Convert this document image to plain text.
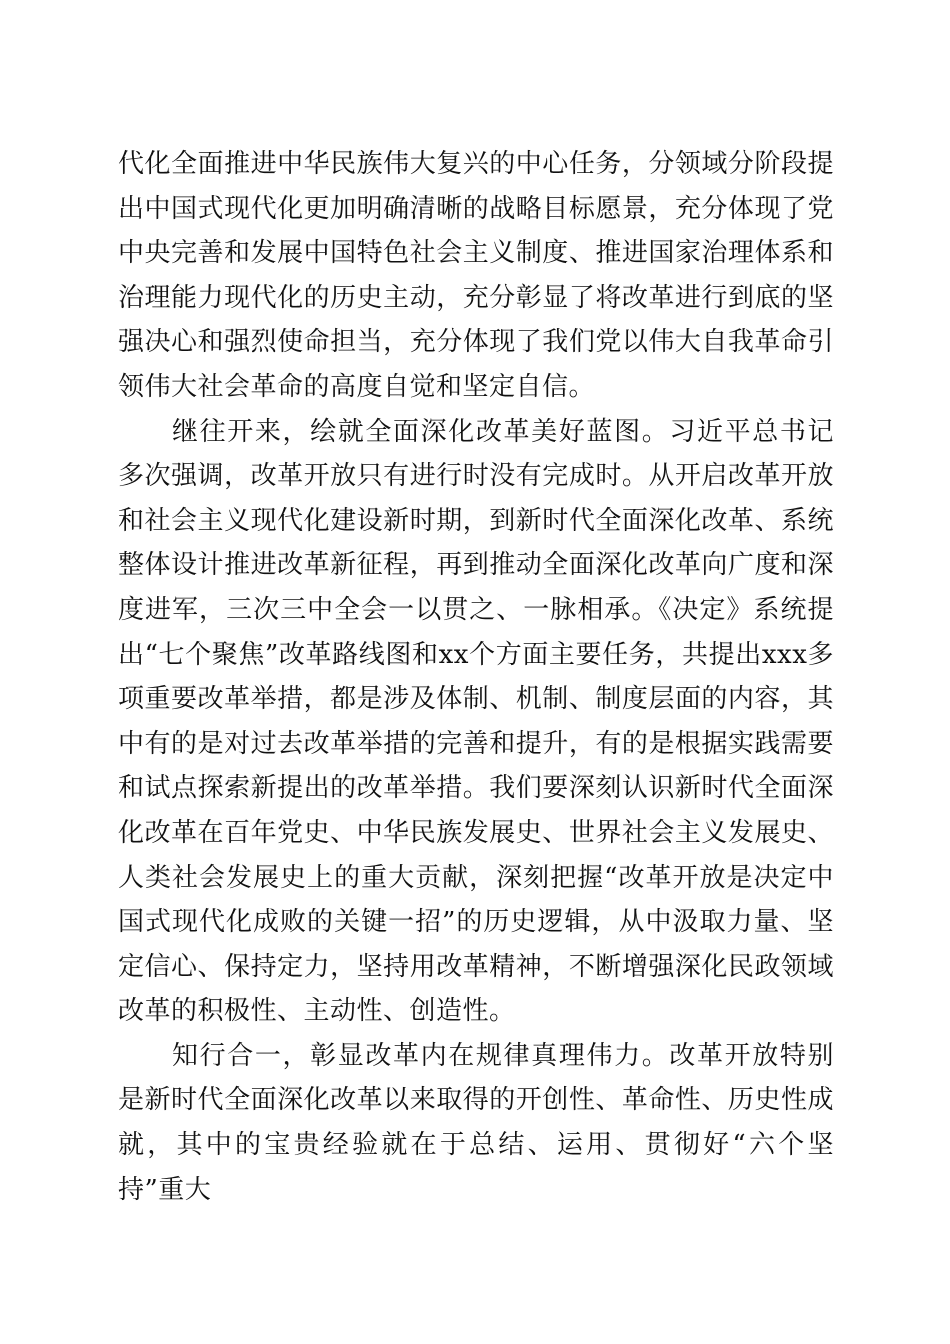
代化全面推进中华民族伟大复兴的中心任务，分领域分阶段提出中国式现代化更加明确清晰的战略目标愿景，充分体现了党中央完善和发展中国特色社会主义制度、推进国家治理体系和治理能力现代化的历史主动，充分彰显了将改革进行到底的坚强决心和强烈使命担当，充分体现了我们党以伟大自我革命引领伟大社会革命的高度自觉和坚定自信。

继往开来，绘就全面深化改革美好蓝图。习近平总书记多次强调，改革开放只有进行时没有完成时。从开启改革开放和社会主义现代化建设新时期，到新时代全面深化改革、系统整体设计推进改革新征程，再到推动全面深化改革向广度和深度进军，三次三中全会一以贯之、一脉相承。《决定》系统提出“七个聚焦”改革路线图和xx个方面主要任务，共提出xxx多项重要改革举措，都是涉及体制、机制、制度层面的内容，其中有的是对过去改革举措的完善和提升，有的是根据实践需要和试点探索新提出的改革举措。我们要深刻认识新时代全面深化改革在百年党史、中华民族发展史、世界社会主义发展史、人类社会发展史上的重大贡献，深刻把握“改革开放是决定中国式现代化成败的关键一招”的历史逻辑，从中汲取力量、坚定信心、保持定力，坚持用改革精神，不断增强深化民政领域改革的积极性、主动性、创造性。

知行合一，彰显改革内在规律真理伟力。改革开放特别是新时代全面深化改革以来取得的开创性、革命性、历史性成就，其中的宝贵经验就在于总结、运用、贯彻好“六个坚持”重大
